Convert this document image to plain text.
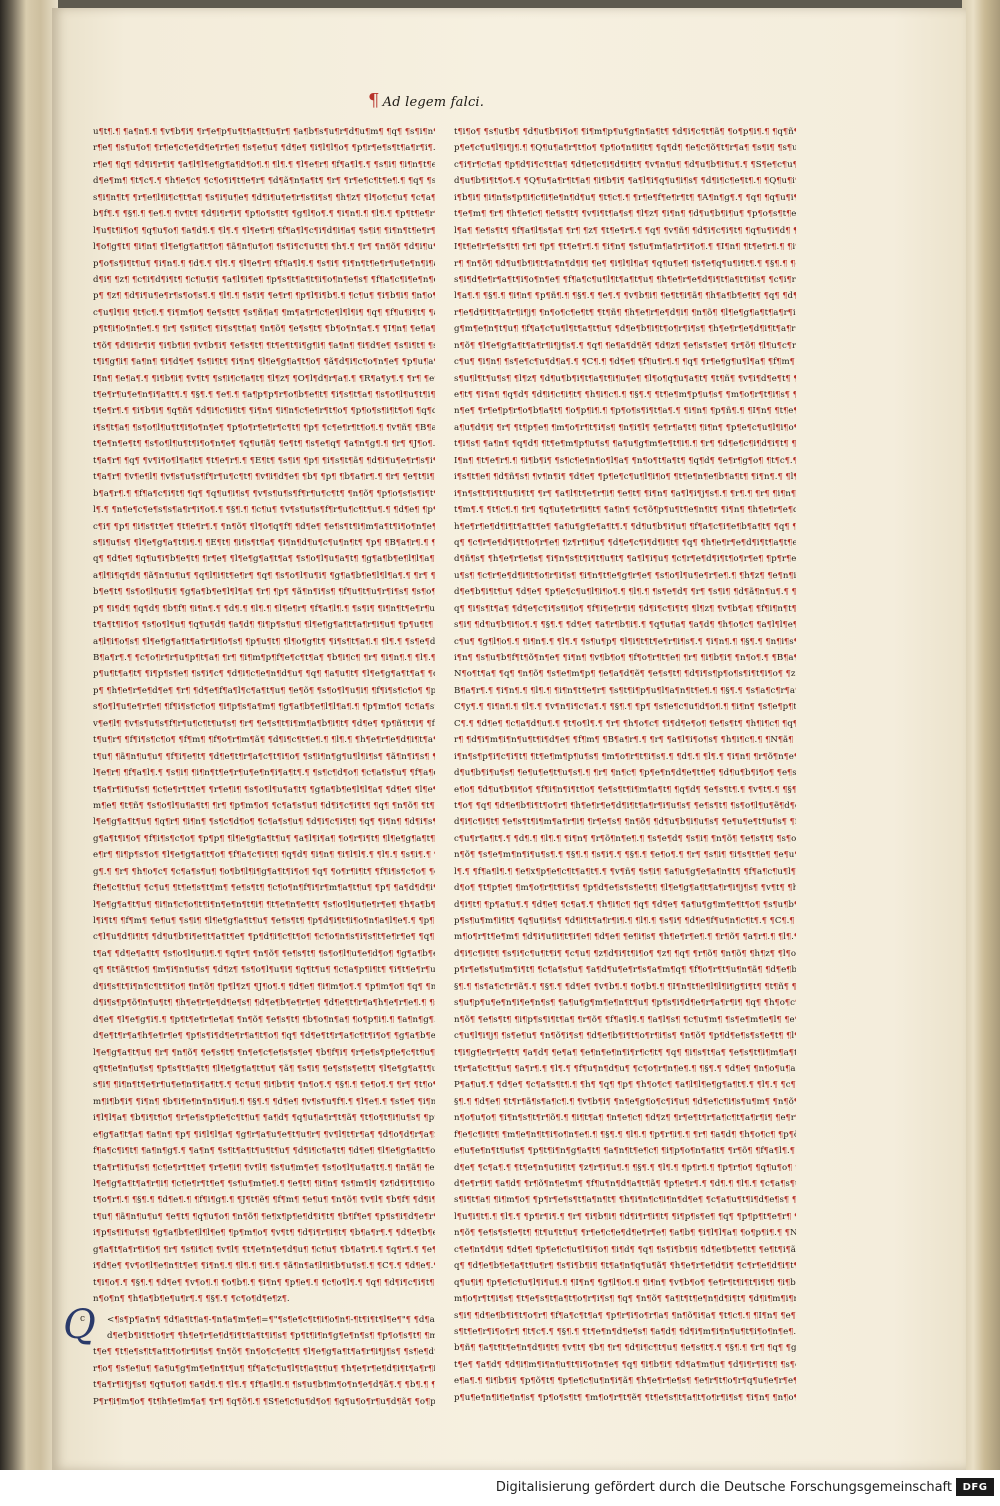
¶ Ad legem falci.
u¶t¶.¶ ¶a¶n¶.¶ ¶v¶b¶i¶ ¶r¶e¶p¶u¶t¶a¶t¶u¶r¶ ¶a¶b¶s¶u¶r¶d¶u¶m¶ ¶q¶ ¶s¶i¶n
r¶e¶ ¶s¶u¶o¶ ¶r¶e¶c¶e¶d¶e¶r¶e¶ ¶s¶e¶u¶ ¶d¶e¶ ¶i¶l¶l¶o¶ ¶p¶r¶e¶s¶t¶a¶r¶i¶
r¶e¶ ¶q¶ ¶d¶i¶r¶i¶ ¶a¶l¶l¶e¶g¶a¶d¶o¶.¶ ¶l¶.¶ ¶l¶e¶r¶ ¶f¶a¶l¶.¶ ¶s¶i¶ ¶i¶n¶t¶e
d¶e¶m¶ ¶t¶c¶.¶ ¶h¶e¶c¶ ¶c¶o¶i¶t¶e¶r¶ ¶d¶ã¶n¶a¶t¶ ¶r¶ ¶r¶e¶c¶t¶e¶.¶ ¶q¶ ¶s
s¶i¶n¶t¶ ¶r¶e¶l¶i¶c¶t¶a¶ ¶s¶i¶u¶e¶ ¶d¶i¶u¶e¶r¶s¶i¶s¶ ¶h¶z¶ ¶l¶o¶c¶u¶ ¶c¶a
b¶f¶.¶ ¶§¶.¶ ¶e¶.¶ ¶v¶t¶ ¶d¶i¶r¶i¶ ¶p¶o¶s¶t¶ ¶g¶l¶o¶.¶ ¶i¶n¶.¶ ¶l¶.¶ ¶p¶t¶e¶r
l¶u¶t¶i¶o¶ ¶q¶u¶o¶ ¶a¶d¶.¶ ¶l¶.¶ ¶l¶e¶r¶ ¶f¶a¶l¶c¶i¶d¶i¶a¶ ¶s¶i¶ ¶i¶n¶t¶e¶r
l¶o¶g¶t¶ ¶i¶n¶ ¶l¶e¶g¶a¶t¶o¶ ¶ã¶n¶u¶o¶ ¶s¶i¶c¶u¶t¶ ¶h¶.¶ ¶r¶ ¶n¶õ¶ ¶d¶i¶u
p¶o¶s¶i¶t¶u¶ ¶i¶n¶.¶ ¶d¶.¶ ¶l¶.¶ ¶l¶e¶r¶ ¶f¶a¶l¶.¶ ¶s¶i¶ ¶i¶n¶t¶e¶r¶u¶e¶n¶i¶
d¶i¶ ¶z¶ ¶c¶i¶d¶i¶t¶ ¶c¶u¶i¶ ¶a¶l¶i¶e¶ ¶p¶s¶t¶a¶t¶i¶o¶n¶e¶s¶ ¶f¶a¶c¶i¶e¶n¶
p¶ ¶z¶ ¶d¶i¶u¶e¶r¶s¶o¶s¶.¶ ¶l¶.¶ ¶s¶i¶ ¶e¶r¶ ¶p¶l¶i¶b¶.¶ ¶c¶u¶ ¶i¶b¶i¶ ¶n¶o
c¶u¶l¶i¶ ¶t¶c¶.¶ ¶i¶m¶o¶ ¶e¶s¶t¶ ¶s¶ñ¶a¶ ¶m¶a¶r¶c¶e¶l¶l¶i¶ ¶q¶ ¶f¶u¶i¶t¶ ¶
p¶t¶i¶o¶n¶e¶.¶ ¶r¶ ¶s¶i¶c¶ ¶i¶s¶t¶a¶ ¶n¶õ¶ ¶e¶s¶t¶ ¶b¶o¶n¶a¶.¶ ¶I¶n¶ ¶e¶a
t¶õ¶ ¶d¶i¶r¶i¶ ¶i¶b¶i¶ ¶v¶b¶i¶ ¶e¶s¶t¶ ¶t¶e¶t¶i¶g¶i¶ ¶a¶n¶ ¶i¶d¶e¶ ¶s¶i¶t¶ ¶
t¶i¶g¶i¶ ¶a¶n¶ ¶i¶d¶e¶ ¶s¶i¶t¶ ¶i¶n¶ ¶l¶e¶g¶a¶t¶o¶ ¶ã¶d¶i¶c¶o¶n¶e¶ ¶p¶u¶a
I¶n¶ ¶e¶a¶.¶ ¶i¶b¶i¶ ¶v¶t¶ ¶s¶i¶c¶a¶t¶ ¶l¶z¶ ¶O¶l¶d¶r¶a¶.¶ ¶R¶a¶y¶.¶ ¶r¶ ¶e
t¶e¶r¶u¶e¶n¶i¶a¶t¶.¶ ¶§¶.¶ ¶e¶.¶ ¶a¶p¶p¶r¶o¶b¶e¶t¶ ¶i¶s¶t¶a¶ ¶s¶o¶l¶u¶t¶i¶
t¶e¶r¶.¶ ¶i¶b¶i¶ ¶q¶ñ¶ ¶d¶i¶c¶i¶t¶ ¶i¶n¶ ¶i¶n¶c¶e¶r¶t¶o¶ ¶p¶o¶s¶i¶t¶o¶ ¶q¶d
i¶s¶t¶a¶ ¶s¶o¶l¶u¶t¶i¶o¶n¶e¶ ¶p¶o¶r¶e¶r¶c¶t¶ ¶p¶ ¶c¶e¶r¶t¶o¶.¶ ¶v¶ñ¶ ¶B¶a
t¶e¶n¶e¶t¶ ¶s¶o¶l¶u¶t¶i¶o¶n¶e¶ ¶q¶u¶ã¶ ¶e¶t¶ ¶s¶e¶q¶ ¶a¶n¶g¶.¶ ¶r¶ ¶J¶o¶.
t¶a¶r¶ ¶q¶ ¶v¶i¶o¶l¶a¶t¶ ¶t¶e¶r¶.¶ ¶E¶t¶ ¶s¶i¶ ¶p¶ ¶i¶s¶t¶ã¶ ¶d¶i¶u¶e¶r¶s¶i
t¶a¶r¶ ¶v¶e¶l¶ ¶v¶s¶u¶s¶f¶r¶u¶c¶t¶ ¶v¶i¶d¶e¶ ¶b¶ ¶p¶ ¶b¶a¶r¶.¶ ¶r¶ ¶e¶t¶i¶
b¶a¶r¶.¶ ¶f¶a¶c¶i¶t¶ ¶q¶ ¶q¶u¶i¶s¶ ¶v¶s¶u¶s¶f¶r¶u¶c¶t¶ ¶n¶õ¶ ¶p¶o¶s¶s¶i¶t
l¶.¶ ¶n¶e¶c¶e¶s¶s¶a¶r¶i¶o¶.¶ ¶§¶.¶ ¶c¶u¶ ¶v¶s¶u¶s¶f¶r¶u¶c¶t¶u¶.¶ ¶d¶e¶ ¶p
c¶i¶ ¶p¶ ¶i¶s¶t¶e¶ ¶t¶e¶r¶.¶ ¶n¶õ¶ ¶l¶o¶q¶f¶ ¶d¶e¶ ¶e¶s¶t¶i¶m¶a¶t¶i¶o¶n¶e
s¶i¶u¶s¶ ¶l¶e¶g¶a¶t¶i¶.¶ ¶E¶t¶ ¶i¶s¶t¶a¶ ¶i¶n¶d¶u¶c¶u¶n¶t¶ ¶p¶ ¶B¶a¶r¶.¶
q¶ ¶d¶e¶ ¶q¶u¶i¶b¶e¶t¶ ¶r¶e¶ ¶l¶e¶g¶a¶t¶a¶ ¶s¶o¶l¶u¶a¶t¶ ¶g¶a¶b¶e¶l¶l¶a¶
a¶l¶i¶q¶d¶ ¶ã¶n¶u¶u¶ ¶q¶l¶i¶t¶e¶r¶ ¶q¶ ¶s¶o¶l¶u¶i¶ ¶g¶a¶b¶e¶l¶l¶a¶.¶ ¶r¶
b¶e¶t¶ ¶s¶o¶l¶u¶i¶ ¶g¶a¶b¶e¶l¶l¶a¶ ¶r¶ ¶p¶ ¶ã¶n¶i¶s¶ ¶f¶u¶t¶u¶r¶i¶s¶ ¶s¶o
p¶ ¶i¶d¶ ¶q¶d¶ ¶b¶f¶ ¶i¶n¶.¶ ¶d¶.¶ ¶l¶.¶ ¶l¶e¶r¶ ¶f¶a¶l¶.¶ ¶s¶i¶ ¶i¶n¶t¶e¶r¶u
t¶a¶t¶i¶o¶ ¶s¶o¶l¶u¶ ¶q¶u¶d¶ ¶a¶d¶ ¶i¶p¶s¶u¶ ¶l¶e¶g¶a¶t¶a¶r¶i¶u¶ ¶p¶u¶t¶
a¶l¶i¶o¶s¶ ¶l¶e¶g¶a¶t¶a¶r¶i¶o¶s¶ ¶p¶u¶t¶ ¶l¶o¶g¶t¶ ¶i¶s¶t¶a¶.¶ ¶l¶.¶ ¶s¶e¶d
B¶a¶r¶.¶ ¶c¶o¶r¶r¶u¶p¶t¶a¶ ¶r¶ ¶i¶m¶p¶f¶e¶c¶t¶a¶ ¶b¶i¶c¶ ¶r¶ ¶i¶n¶.¶ ¶l¶.
p¶u¶t¶a¶t¶ ¶i¶p¶s¶e¶ ¶s¶i¶c¶ ¶d¶i¶c¶e¶n¶d¶u¶ ¶q¶ ¶a¶u¶t¶ ¶l¶e¶g¶a¶t¶a¶ ¶
p¶ ¶h¶e¶r¶e¶d¶e¶ ¶r¶ ¶d¶e¶f¶a¶l¶c¶a¶t¶u¶ ¶e¶õ¶ ¶s¶o¶l¶u¶i¶ ¶f¶i¶s¶c¶o¶ ¶p
s¶o¶l¶u¶e¶r¶e¶ ¶f¶i¶s¶c¶o¶ ¶i¶p¶s¶a¶m¶ ¶g¶a¶b¶e¶l¶l¶a¶.¶ ¶p¶m¶o¶ ¶c¶a¶s
v¶e¶l¶ ¶v¶s¶u¶s¶f¶r¶u¶c¶t¶u¶s¶ ¶r¶ ¶e¶s¶t¶i¶m¶a¶b¶i¶t¶ ¶d¶e¶ ¶p¶ñ¶t¶i¶ ¶f
t¶u¶r¶ ¶f¶i¶s¶c¶o¶ ¶f¶m¶ ¶f¶o¶r¶m¶ã¶ ¶d¶i¶c¶t¶e¶.¶ ¶l¶.¶ ¶h¶e¶r¶e¶d¶i¶t¶a
t¶u¶ ¶ã¶n¶u¶u¶ ¶f¶i¶e¶t¶ ¶d¶e¶t¶r¶a¶c¶t¶i¶o¶ ¶s¶i¶n¶g¶u¶l¶i¶s¶ ¶ã¶n¶i¶s¶
l¶e¶r¶ ¶f¶a¶l¶.¶ ¶s¶i¶ ¶i¶n¶t¶e¶r¶u¶e¶n¶i¶a¶t¶.¶ ¶s¶c¶d¶o¶ ¶c¶a¶s¶u¶ ¶f¶a¶
t¶a¶r¶i¶u¶s¶ ¶c¶e¶r¶t¶e¶ ¶r¶e¶i¶ ¶s¶o¶l¶u¶a¶t¶ ¶g¶a¶b¶e¶l¶l¶a¶ ¶d¶e¶ ¶l¶e
m¶e¶ ¶t¶ñ¶ ¶s¶o¶l¶u¶a¶t¶ ¶r¶ ¶p¶m¶o¶ ¶c¶a¶s¶u¶ ¶d¶i¶c¶i¶t¶ ¶q¶ ¶n¶õ¶ ¶t¶
l¶e¶g¶a¶t¶u¶ ¶q¶r¶ ¶i¶n¶ ¶s¶c¶d¶o¶ ¶c¶a¶s¶u¶ ¶d¶i¶c¶i¶t¶ ¶q¶ ¶i¶n¶ ¶d¶i¶s
g¶a¶t¶i¶o¶ ¶f¶i¶s¶c¶o¶ ¶p¶p¶ ¶l¶e¶g¶a¶t¶u¶ ¶a¶l¶i¶a¶ ¶o¶r¶i¶t¶ ¶l¶e¶g¶a¶t¶
e¶r¶ ¶i¶p¶s¶o¶ ¶l¶e¶g¶a¶t¶o¶ ¶f¶a¶c¶i¶t¶ ¶q¶d¶ ¶i¶n¶ ¶i¶l¶l¶.¶ ¶l¶.¶ ¶s¶i¶.¶
g¶.¶ ¶r¶ ¶h¶o¶c¶ ¶c¶a¶s¶u¶ ¶o¶b¶l¶i¶g¶a¶t¶i¶o¶ ¶q¶ ¶o¶r¶i¶t¶ ¶f¶i¶s¶c¶o¶ ¶
f¶e¶c¶t¶u¶ ¶c¶u¶ ¶t¶e¶s¶t¶m¶ ¶e¶s¶t¶ ¶c¶o¶n¶f¶i¶r¶m¶a¶t¶u¶ ¶p¶ ¶a¶d¶d¶i
l¶e¶g¶a¶t¶u¶ ¶i¶n¶c¶o¶t¶i¶n¶e¶n¶t¶i¶ ¶t¶e¶n¶e¶t¶ ¶s¶o¶l¶u¶e¶r¶e¶ ¶h¶a¶b
l¶i¶t¶ ¶f¶m¶ ¶e¶u¶ ¶s¶i¶ ¶l¶e¶g¶a¶t¶u¶ ¶e¶s¶t¶ ¶p¶d¶i¶t¶i¶o¶n¶a¶l¶e¶.¶ ¶p¶
c¶l¶u¶d¶i¶t¶ ¶d¶u¶b¶i¶e¶t¶a¶t¶e¶ ¶p¶d¶i¶c¶t¶o¶ ¶c¶o¶n¶s¶i¶s¶t¶e¶r¶e¶ ¶q¶
t¶a¶ ¶d¶e¶a¶t¶ ¶s¶o¶l¶u¶i¶.¶ ¶q¶r¶ ¶n¶õ¶ ¶e¶s¶t¶ ¶s¶o¶l¶u¶e¶d¶o¶ ¶g¶a¶b¶
q¶ ¶t¶ã¶t¶o¶ ¶m¶i¶n¶u¶s¶ ¶d¶z¶ ¶s¶o¶l¶u¶i¶ ¶q¶t¶u¶ ¶c¶a¶p¶i¶t¶ ¶i¶t¶e¶r¶u
d¶i¶s¶t¶i¶n¶c¶t¶i¶o¶ ¶n¶õ¶ ¶p¶l¶z¶ ¶J¶o¶.¶ ¶d¶e¶ ¶i¶m¶o¶.¶ ¶p¶m¶o¶ ¶q¶ ¶n
d¶i¶s¶p¶õ¶n¶u¶t¶ ¶h¶e¶r¶e¶d¶e¶s¶ ¶d¶e¶b¶e¶r¶e¶ ¶d¶e¶t¶r¶a¶h¶e¶r¶e¶.¶ ¶
d¶e¶ ¶l¶e¶g¶i¶.¶ ¶p¶t¶e¶r¶e¶a¶ ¶n¶õ¶ ¶e¶s¶t¶ ¶b¶o¶n¶a¶ ¶o¶p¶i¶.¶ ¶a¶n¶g¶
d¶e¶t¶r¶a¶h¶e¶r¶e¶ ¶p¶s¶i¶d¶e¶r¶a¶t¶o¶ ¶q¶ ¶d¶e¶t¶r¶a¶c¶t¶i¶o¶ ¶g¶a¶b¶e
l¶e¶g¶a¶t¶u¶ ¶r¶ ¶n¶õ¶ ¶e¶s¶t¶ ¶n¶e¶c¶e¶s¶s¶e¶ ¶b¶f¶i¶ ¶r¶e¶s¶p¶e¶c¶t¶u¶
q¶t¶e¶n¶u¶s¶ ¶p¶s¶t¶a¶t¶ ¶l¶e¶g¶a¶t¶u¶ ¶ã¶ ¶s¶i¶ ¶e¶s¶s¶e¶t¶ ¶l¶e¶g¶a¶t¶u
s¶i¶ ¶i¶n¶t¶e¶r¶u¶e¶n¶i¶a¶t¶.¶ ¶c¶u¶ ¶i¶b¶i¶ ¶n¶o¶.¶ ¶§¶.¶ ¶e¶o¶.¶ ¶r¶ ¶t¶o
m¶i¶b¶i¶ ¶i¶n¶ ¶b¶i¶e¶n¶n¶i¶u¶.¶ ¶§¶.¶ ¶d¶e¶ ¶v¶s¶u¶f¶.¶ ¶l¶e¶.¶ ¶s¶e¶ ¶i¶n
i¶l¶l¶a¶ ¶b¶i¶t¶o¶ ¶r¶e¶s¶p¶e¶c¶t¶u¶ ¶a¶d¶ ¶q¶u¶a¶r¶t¶ã¶ ¶t¶o¶t¶i¶u¶s¶ ¶p
e¶g¶a¶t¶a¶ ¶a¶n¶ ¶p¶ ¶i¶l¶l¶a¶ ¶g¶r¶a¶u¶e¶t¶u¶r¶ ¶v¶l¶t¶r¶a¶ ¶d¶o¶d¶r¶a¶
f¶a¶c¶i¶t¶ ¶a¶n¶g¶.¶ ¶a¶n¶ ¶s¶t¶a¶t¶u¶t¶u¶ ¶d¶i¶c¶a¶t¶ ¶d¶e¶ ¶l¶e¶g¶a¶t¶o
t¶a¶r¶i¶u¶s¶ ¶c¶e¶r¶t¶e¶ ¶r¶e¶i¶ ¶v¶l¶ ¶s¶u¶m¶e¶ ¶s¶o¶l¶u¶a¶t¶.¶ ¶n¶ã¶ ¶e
l¶e¶g¶a¶t¶a¶r¶i¶ ¶c¶e¶r¶t¶e¶ ¶s¶u¶m¶e¶.¶ ¶e¶t¶ ¶i¶n¶ ¶s¶m¶l¶ ¶z¶d¶i¶t¶i¶o
t¶o¶r¶.¶ ¶§¶.¶ ¶d¶e¶.¶ ¶f¶i¶g¶.¶ ¶J¶t¶ẽ¶ ¶f¶m¶ ¶e¶u¶ ¶n¶õ¶ ¶v¶l¶ ¶b¶f¶ ¶d¶i
t¶u¶ ¶ã¶n¶u¶u¶ ¶e¶t¶ ¶q¶u¶o¶ ¶n¶õ¶ ¶e¶x¶p¶e¶d¶i¶t¶ ¶b¶f¶e¶ ¶p¶s¶i¶d¶e¶r
i¶p¶s¶i¶u¶s¶ ¶g¶a¶b¶e¶l¶l¶e¶ ¶p¶m¶o¶ ¶v¶t¶ ¶d¶i¶r¶i¶t¶ ¶b¶a¶r¶.¶ ¶d¶e¶b¶
g¶a¶t¶a¶r¶i¶o¶ ¶r¶ ¶s¶i¶c¶ ¶v¶l¶ ¶t¶e¶n¶e¶d¶u¶ ¶c¶u¶ ¶b¶a¶r¶.¶ ¶q¶r¶.¶ ¶e
i¶d¶e¶ ¶v¶o¶l¶e¶n¶t¶e¶ ¶i¶n¶.¶ ¶l¶.¶ ¶i¶.¶ ¶ã¶n¶a¶l¶i¶b¶u¶s¶.¶ ¶C¶.¶ ¶d¶e¶.
t¶i¶o¶.¶ ¶§¶.¶ ¶d¶e¶ ¶v¶o¶.¶ ¶o¶b¶.¶ ¶i¶n¶ ¶p¶e¶.¶ ¶c¶o¶l¶.¶ ¶q¶ ¶d¶i¶c¶i¶t¶
n¶o¶n¶ ¶h¶a¶b¶e¶u¶r¶.¶ ¶§¶.¶ ¶c¶o¶d¶e¶z¶.
<¶s¶p¶a¶n¶ ¶d¶a¶t¶a¶-¶n¶a¶m¶e¶=¶"¶s¶e¶c¶t¶i¶o¶n¶-¶t¶i¶t¶l¶e¶"¶ ¶d¶a
d¶e¶b¶i¶t¶o¶r¶ ¶h¶e¶r¶e¶d¶i¶t¶a¶t¶i¶s¶ ¶p¶t¶i¶n¶g¶e¶n¶s¶ ¶p¶o¶s¶t¶ ¶m
t¶e¶ ¶t¶e¶s¶t¶a¶t¶o¶r¶i¶s¶ ¶n¶õ¶ ¶n¶o¶c¶e¶t¶ ¶l¶e¶g¶a¶t¶a¶r¶i¶j¶s¶ ¶s¶e¶d
r¶o¶ ¶s¶e¶u¶ ¶a¶u¶g¶m¶e¶n¶t¶u¶ ¶f¶a¶c¶u¶l¶t¶a¶t¶u¶ ¶h¶e¶r¶e¶d¶i¶t¶a¶r¶i
t¶a¶r¶i¶j¶s¶ ¶q¶u¶o¶ ¶a¶d¶.¶ ¶l¶.¶ ¶f¶a¶l¶.¶ ¶s¶u¶b¶m¶o¶n¶e¶d¶ã¶.¶ ¶b¶.¶
P¶r¶i¶m¶o¶ ¶t¶h¶e¶m¶a¶ ¶r¶ ¶q¶õ¶.¶ ¶S¶e¶c¶u¶d¶o¶ ¶q¶u¶o¶r¶u¶d¶ã¶ ¶o¶p
Q
c
t¶i¶o¶ ¶s¶u¶b¶ ¶d¶u¶b¶i¶o¶ ¶i¶m¶p¶u¶g¶n¶a¶t¶ ¶d¶i¶c¶t¶ã¶ ¶o¶p¶i¶.¶ ¶q¶ñ
p¶e¶c¶u¶l¶i¶j¶.¶ ¶Q¶u¶a¶r¶t¶o¶ ¶p¶o¶n¶i¶t¶ ¶q¶d¶ ¶e¶c¶õ¶t¶r¶a¶ ¶s¶i¶ ¶s¶u
c¶i¶r¶c¶a¶ ¶p¶d¶i¶c¶t¶a¶ ¶d¶e¶c¶i¶d¶i¶t¶ ¶v¶n¶u¶ ¶d¶u¶b¶i¶u¶.¶ ¶S¶e¶c¶u
d¶u¶b¶i¶t¶o¶.¶ ¶Q¶u¶a¶r¶t¶a¶ ¶i¶b¶i¶ ¶a¶l¶i¶q¶u¶i¶s¶ ¶d¶i¶c¶e¶t¶.¶ ¶Q¶u¶i
i¶b¶i¶ ¶i¶n¶s¶p¶i¶c¶i¶e¶n¶d¶u¶ ¶t¶c¶.¶ ¶r¶e¶f¶e¶r¶t¶ ¶A¶n¶g¶.¶ ¶q¶ ¶q¶u¶i
t¶e¶m¶ ¶r¶ ¶h¶e¶c¶ ¶e¶s¶t¶ ¶v¶i¶t¶a¶s¶ ¶l¶z¶ ¶i¶n¶ ¶d¶u¶b¶i¶u¶ ¶p¶o¶s¶t¶e
l¶a¶ ¶e¶s¶t¶ ¶f¶a¶l¶s¶a¶ ¶r¶ ¶z¶ ¶t¶e¶r¶.¶ ¶q¶ ¶v¶ñ¶ ¶d¶i¶c¶i¶t¶ ¶q¶u¶i¶d¶
I¶t¶e¶r¶e¶s¶t¶ ¶r¶ ¶p¶ ¶t¶e¶r¶.¶ ¶i¶n¶ ¶s¶u¶m¶a¶r¶i¶o¶.¶ ¶I¶n¶ ¶t¶e¶r¶.¶ ¶i
r¶ ¶n¶õ¶ ¶d¶u¶b¶i¶t¶a¶n¶d¶i¶ ¶e¶ ¶i¶l¶l¶a¶ ¶q¶u¶e¶ ¶s¶e¶q¶u¶i¶t¶.¶ ¶§¶.¶ ¶
s¶i¶d¶e¶r¶a¶t¶i¶o¶n¶e¶ ¶f¶a¶c¶u¶l¶t¶a¶t¶u¶ ¶h¶e¶r¶e¶d¶i¶t¶a¶t¶i¶s¶ ¶c¶i¶r
l¶a¶.¶ ¶§¶.¶ ¶i¶n¶ ¶p¶ñ¶.¶ ¶§¶.¶ ¶e¶.¶ ¶v¶b¶i¶ ¶e¶t¶i¶ã¶ ¶h¶a¶b¶e¶t¶ ¶q¶ ¶d
r¶e¶d¶i¶t¶a¶r¶i¶j¶ ¶n¶o¶c¶e¶t¶ ¶t¶ñ¶ ¶h¶e¶r¶e¶d¶i¶ ¶n¶õ¶ ¶l¶e¶g¶a¶t¶a¶r¶i
g¶m¶e¶n¶t¶u¶ ¶f¶a¶c¶u¶l¶t¶a¶t¶u¶ ¶d¶e¶b¶i¶t¶o¶r¶i¶s¶ ¶h¶e¶r¶e¶d¶i¶t¶a¶r
n¶õ¶ ¶l¶e¶g¶a¶t¶a¶r¶i¶j¶s¶.¶ ¶q¶ ¶e¶a¶d¶ẽ¶ ¶d¶z¶ ¶e¶s¶s¶e¶ ¶r¶õ¶ ¶l¶u¶c¶r
c¶u¶ ¶i¶n¶ ¶s¶e¶c¶u¶d¶a¶.¶ ¶C¶.¶ ¶d¶e¶ ¶f¶u¶r¶.¶ ¶q¶ ¶r¶e¶g¶u¶l¶a¶ ¶f¶m¶
s¶u¶l¶t¶u¶s¶ ¶l¶z¶ ¶d¶u¶b¶i¶t¶a¶t¶i¶u¶e¶ ¶l¶o¶q¶u¶a¶t¶ ¶t¶ñ¶ ¶v¶i¶d¶e¶t¶
e¶t¶ ¶i¶n¶ ¶q¶d¶ ¶d¶i¶c¶i¶t¶ ¶h¶i¶c¶.¶ ¶§¶.¶ ¶t¶e¶m¶p¶u¶s¶ ¶m¶o¶r¶t¶i¶s¶
n¶e¶ ¶r¶e¶p¶r¶o¶b¶a¶t¶ ¶o¶p¶i¶.¶ ¶p¶o¶s¶i¶t¶a¶.¶ ¶i¶n¶ ¶p¶ñ¶.¶ ¶I¶n¶ ¶t¶e
a¶u¶d¶i¶ ¶r¶ ¶t¶p¶e¶ ¶m¶o¶r¶t¶i¶s¶ ¶n¶i¶l¶ ¶e¶r¶a¶t¶ ¶i¶n¶ ¶p¶e¶c¶u¶l¶i¶o
t¶i¶s¶ ¶a¶n¶ ¶q¶d¶ ¶t¶e¶m¶p¶u¶s¶ ¶a¶u¶g¶m¶e¶t¶i¶.¶ ¶r¶ ¶d¶e¶c¶i¶d¶i¶t¶ ¶
I¶n¶ ¶t¶e¶r¶.¶ ¶i¶b¶i¶ ¶s¶c¶e¶n¶o¶l¶a¶ ¶n¶o¶t¶a¶t¶ ¶q¶d¶ ¶e¶r¶g¶o¶ ¶t¶c¶.
i¶s¶t¶e¶ ¶d¶ñ¶s¶ ¶v¶n¶i¶ ¶d¶e¶ ¶p¶e¶c¶u¶l¶i¶o¶ ¶t¶e¶n¶e¶b¶a¶t¶ ¶i¶n¶.¶ ¶l
i¶n¶s¶t¶i¶t¶u¶i¶t¶ ¶r¶ ¶a¶l¶t¶e¶r¶i¶ ¶e¶t¶ ¶i¶n¶ ¶a¶l¶i¶j¶s¶.¶ ¶r¶.¶ ¶r¶ ¶i¶n¶
t¶m¶.¶ ¶t¶c¶.¶ ¶r¶ ¶q¶u¶e¶r¶i¶t¶ ¶a¶n¶ ¶c¶õ¶p¶u¶t¶e¶n¶t¶ ¶i¶n¶ ¶h¶e¶r¶e¶d
h¶e¶r¶e¶d¶i¶t¶a¶t¶e¶ ¶a¶u¶g¶e¶a¶t¶.¶ ¶d¶u¶b¶i¶u¶ ¶f¶a¶c¶i¶e¶b¶a¶t¶ ¶q¶
q¶ ¶c¶r¶e¶d¶i¶t¶o¶r¶e¶ ¶z¶r¶i¶u¶ ¶d¶e¶c¶i¶d¶i¶t¶ ¶q¶ ¶h¶e¶r¶e¶d¶i¶t¶a¶t¶e
d¶ñ¶s¶ ¶h¶e¶r¶e¶s¶ ¶i¶n¶s¶t¶i¶t¶u¶t¶ ¶a¶l¶i¶u¶ ¶c¶r¶e¶d¶i¶t¶o¶r¶e¶ ¶p¶r¶e
u¶s¶ ¶c¶r¶e¶d¶i¶t¶o¶r¶i¶s¶ ¶i¶n¶t¶e¶g¶r¶e¶ ¶s¶o¶l¶u¶e¶r¶e¶.¶ ¶h¶z¶ ¶e¶n¶i
d¶e¶b¶i¶t¶u¶ ¶d¶e¶ ¶p¶e¶c¶u¶l¶i¶o¶.¶ ¶l¶.¶ ¶s¶e¶d¶ ¶r¶ ¶s¶i¶ ¶d¶ã¶n¶u¶.¶
q¶ ¶i¶s¶t¶a¶ ¶d¶e¶c¶i¶s¶i¶o¶ ¶f¶i¶e¶r¶i¶ ¶d¶i¶c¶i¶t¶ ¶l¶z¶ ¶v¶b¶a¶ ¶f¶i¶n¶t
s¶i¶ ¶d¶u¶b¶i¶o¶.¶ ¶§¶.¶ ¶d¶e¶ ¶a¶r¶b¶i¶.¶ ¶q¶u¶a¶ ¶a¶d¶ ¶h¶o¶c¶ ¶a¶l¶l¶e
c¶u¶ ¶g¶l¶o¶.¶ ¶i¶n¶.¶ ¶l¶.¶ ¶s¶u¶p¶ ¶l¶i¶t¶t¶e¶r¶i¶s¶.¶ ¶i¶n¶.¶ ¶§¶.¶ ¶n¶i¶s
i¶n¶ ¶s¶u¶b¶f¶t¶õ¶n¶e¶ ¶i¶n¶ ¶v¶b¶o¶ ¶f¶o¶r¶t¶e¶ ¶r¶ ¶i¶b¶i¶ ¶n¶o¶.¶ ¶B¶a
N¶o¶t¶a¶ ¶q¶ ¶n¶õ¶ ¶s¶e¶m¶p¶ ¶e¶a¶d¶ẽ¶ ¶e¶s¶t¶ ¶d¶i¶s¶p¶o¶s¶i¶t¶i¶o¶ ¶z
B¶a¶r¶.¶ ¶i¶n¶.¶ ¶l¶.¶ ¶i¶n¶t¶e¶r¶ ¶s¶t¶i¶p¶u¶l¶a¶n¶t¶e¶.¶ ¶§¶.¶ ¶s¶a¶c¶r¶a
C¶y¶.¶ ¶i¶n¶.¶ ¶l¶.¶ ¶v¶n¶i¶c¶a¶.¶ ¶§¶.¶ ¶p¶ ¶s¶e¶c¶u¶d¶o¶.¶ ¶i¶n¶ ¶s¶e¶p¶t
C¶.¶ ¶d¶e¶ ¶c¶a¶d¶u¶.¶ ¶t¶o¶l¶.¶ ¶r¶ ¶h¶o¶c¶ ¶i¶d¶e¶o¶ ¶e¶s¶t¶ ¶h¶i¶c¶ ¶q
r¶ ¶d¶i¶m¶i¶n¶u¶t¶i¶d¶e¶ ¶f¶m¶ ¶B¶a¶r¶.¶ ¶r¶ ¶a¶l¶i¶o¶s¶ ¶h¶i¶c¶.¶ ¶N¶ã¶
i¶n¶s¶p¶i¶c¶i¶t¶ ¶t¶e¶m¶p¶u¶s¶ ¶m¶o¶r¶t¶i¶s¶.¶ ¶d¶.¶ ¶l¶.¶ ¶i¶n¶ ¶r¶õ¶n¶e
d¶u¶b¶i¶u¶s¶ ¶e¶u¶e¶t¶u¶s¶.¶ ¶r¶ ¶n¶c¶ ¶p¶e¶n¶d¶e¶t¶e¶ ¶d¶u¶b¶i¶o¶ ¶e¶s
e¶o¶ ¶d¶u¶b¶i¶o¶ ¶f¶i¶n¶i¶t¶o¶ ¶e¶s¶t¶i¶m¶a¶t¶ ¶q¶d¶ ¶e¶s¶t¶.¶ ¶v¶t¶.¶ ¶§
t¶o¶ ¶q¶ ¶d¶e¶b¶i¶t¶o¶r¶ ¶h¶e¶r¶e¶d¶i¶t¶a¶r¶i¶u¶s¶ ¶e¶s¶t¶ ¶s¶o¶l¶u¶ẽ¶d¶
d¶i¶c¶i¶t¶ ¶e¶s¶t¶i¶m¶a¶r¶i¶ ¶r¶e¶s¶ ¶n¶õ¶ ¶d¶u¶b¶i¶u¶s¶ ¶e¶u¶e¶t¶u¶s¶ ¶
c¶u¶r¶a¶t¶.¶ ¶d¶.¶ ¶l¶.¶ ¶i¶n¶ ¶r¶õ¶n¶e¶.¶ ¶s¶e¶d¶ ¶s¶i¶ ¶n¶õ¶ ¶e¶s¶t¶ ¶s¶o
n¶õ¶ ¶s¶e¶m¶n¶i¶u¶s¶.¶ ¶§¶.¶ ¶s¶i¶.¶ ¶§¶.¶ ¶e¶o¶.¶ ¶r¶ ¶s¶i¶ ¶i¶s¶t¶e¶ ¶e¶u
l¶.¶ ¶f¶a¶l¶.¶ ¶e¶x¶p¶e¶c¶t¶a¶t¶.¶ ¶v¶ñ¶ ¶s¶i¶ ¶a¶u¶g¶e¶a¶n¶t¶ ¶f¶a¶c¶u¶l¶
d¶o¶ ¶t¶p¶e¶ ¶m¶o¶r¶t¶i¶s¶ ¶p¶d¶e¶s¶s¶e¶t¶ ¶l¶e¶g¶a¶t¶a¶r¶i¶j¶s¶ ¶v¶t¶ ¶h
d¶i¶t¶ ¶p¶a¶u¶.¶ ¶d¶e¶ ¶c¶a¶.¶ ¶h¶i¶c¶ ¶q¶ ¶d¶e¶ ¶a¶u¶g¶m¶e¶t¶o¶ ¶s¶u¶b
p¶s¶u¶m¶i¶t¶ ¶q¶u¶i¶s¶ ¶d¶i¶t¶a¶r¶i¶.¶ ¶l¶.¶ ¶s¶i¶ ¶d¶e¶f¶u¶n¶c¶t¶.¶ ¶C¶.¶
m¶o¶r¶t¶e¶m¶ ¶d¶i¶u¶i¶t¶i¶e¶ ¶d¶e¶ ¶e¶i¶s¶ ¶h¶e¶r¶e¶.¶ ¶r¶õ¶ ¶a¶r¶.¶ ¶l¶.
d¶i¶c¶i¶t¶ ¶s¶i¶c¶u¶t¶i¶ ¶c¶u¶ ¶z¶d¶i¶t¶i¶o¶ ¶z¶ ¶q¶ ¶r¶õ¶ ¶n¶õ¶ ¶h¶z¶ ¶l¶o
p¶r¶e¶s¶u¶m¶i¶t¶ ¶c¶a¶s¶u¶ ¶a¶d¶u¶e¶r¶s¶a¶m¶q¶ ¶f¶o¶r¶t¶u¶n¶ã¶ ¶d¶e¶b
§¶.¶ ¶s¶a¶c¶r¶ã¶.¶ ¶§¶.¶ ¶d¶e¶ ¶v¶b¶.¶ ¶o¶b¶.¶ ¶I¶n¶t¶e¶l¶l¶i¶g¶i¶t¶ ¶t¶ñ¶
s¶u¶p¶u¶e¶n¶i¶e¶n¶s¶ ¶a¶u¶g¶m¶e¶n¶t¶u¶ ¶p¶s¶i¶d¶e¶r¶a¶r¶i¶ ¶q¶ ¶h¶o¶c
n¶õ¶ ¶e¶s¶t¶ ¶i¶p¶s¶i¶t¶a¶ ¶r¶õ¶ ¶f¶a¶l¶.¶ ¶a¶l¶s¶ ¶c¶u¶m¶ ¶s¶e¶m¶e¶l¶ ¶e
c¶u¶l¶i¶j¶ ¶s¶e¶u¶ ¶n¶õ¶i¶s¶ ¶d¶e¶b¶i¶t¶o¶r¶i¶s¶ ¶n¶õ¶ ¶p¶d¶e¶s¶s¶e¶t¶ ¶l
t¶i¶g¶e¶r¶e¶t¶ ¶a¶d¶ ¶e¶a¶ ¶e¶n¶e¶n¶i¶r¶c¶t¶ ¶q¶ ¶i¶s¶t¶a¶ ¶e¶s¶t¶i¶m¶a¶t
t¶r¶a¶c¶t¶u¶ ¶a¶r¶.¶ ¶l¶.¶ ¶f¶u¶n¶d¶u¶ ¶c¶o¶r¶n¶e¶.¶ ¶§¶.¶ ¶d¶e¶ ¶n¶o¶u¶a
P¶a¶u¶.¶ ¶d¶e¶ ¶c¶a¶s¶t¶.¶ ¶h¶ ¶q¶ ¶p¶ ¶h¶o¶c¶ ¶a¶l¶l¶e¶g¶a¶t¶.¶ ¶l¶.¶ ¶c¶
§¶.¶ ¶d¶e¶ ¶t¶r¶ã¶s¶a¶c¶.¶ ¶v¶b¶i¶ ¶n¶e¶g¶o¶c¶i¶u¶ ¶d¶e¶c¶i¶s¶u¶m¶ ¶n¶õ
n¶o¶u¶o¶ ¶i¶n¶s¶t¶r¶õ¶.¶ ¶i¶t¶a¶ ¶n¶e¶c¶ ¶d¶z¶ ¶r¶e¶t¶r¶a¶c¶t¶a¶r¶i¶ ¶e¶r
f¶e¶c¶i¶t¶ ¶m¶e¶n¶t¶i¶o¶n¶e¶.¶ ¶§¶.¶ ¶l¶.¶ ¶p¶r¶i¶.¶ ¶r¶ ¶a¶d¶ ¶h¶o¶c¶ ¶p¶
e¶u¶e¶n¶t¶u¶s¶ ¶p¶t¶i¶n¶g¶a¶t¶ ¶a¶n¶t¶e¶c¶ ¶i¶p¶o¶n¶a¶t¶ ¶r¶õ¶ ¶f¶a¶l¶.¶
d¶e¶ ¶c¶a¶.¶ ¶t¶e¶n¶u¶i¶t¶ ¶z¶r¶i¶u¶.¶ ¶§¶.¶ ¶l¶.¶ ¶p¶r¶.¶ ¶p¶r¶o¶ ¶q¶u¶o¶
d¶e¶r¶i¶ ¶a¶d¶ ¶r¶õ¶n¶e¶m¶ ¶f¶u¶n¶d¶a¶t¶ã¶ ¶p¶e¶r¶.¶ ¶d¶.¶ ¶l¶.¶ ¶c¶a¶s¶
s¶i¶t¶a¶ ¶i¶m¶o¶ ¶p¶r¶e¶s¶t¶a¶n¶t¶ ¶h¶i¶n¶c¶i¶n¶d¶e¶ ¶c¶a¶u¶t¶i¶d¶e¶s¶
l¶u¶i¶t¶.¶ ¶l¶.¶ ¶p¶r¶i¶.¶ ¶r¶ ¶i¶b¶i¶ ¶d¶i¶r¶i¶t¶ ¶i¶p¶s¶e¶ ¶q¶ ¶p¶p¶t¶e¶r¶
n¶õ¶ ¶e¶s¶s¶e¶t¶ ¶t¶u¶t¶u¶ ¶r¶e¶c¶e¶d¶e¶r¶e¶ ¶a¶b¶ ¶i¶l¶l¶a¶ ¶o¶p¶i¶.¶ ¶N
c¶e¶n¶d¶i¶ ¶d¶e¶ ¶p¶e¶c¶u¶l¶i¶o¶ ¶i¶d¶ ¶q¶ ¶s¶i¶b¶i¶ ¶d¶e¶b¶e¶t¶ ¶e¶t¶i¶ã
q¶ ¶d¶e¶b¶e¶a¶t¶u¶r¶ ¶s¶i¶b¶i¶ ¶t¶a¶n¶q¶u¶ã¶ ¶h¶e¶r¶e¶d¶i¶ ¶c¶r¶e¶d¶i¶t
q¶u¶i¶ ¶p¶e¶c¶u¶l¶i¶u¶.¶ ¶I¶n¶ ¶g¶l¶o¶.¶ ¶i¶n¶ ¶v¶b¶o¶ ¶e¶r¶t¶i¶t¶i¶t¶ ¶i¶b
m¶o¶r¶t¶i¶s¶ ¶t¶e¶s¶t¶a¶t¶o¶r¶i¶s¶ ¶q¶ ¶n¶õ¶ ¶a¶t¶t¶e¶n¶d¶i¶t¶ ¶d¶i¶m¶i¶
s¶i¶ ¶d¶e¶b¶i¶t¶o¶r¶ ¶f¶a¶c¶t¶a¶ ¶p¶r¶i¶o¶r¶a¶ ¶n¶õ¶i¶a¶ ¶t¶c¶.¶ ¶I¶n¶ ¶e¶
s¶t¶e¶r¶i¶o¶r¶ ¶t¶c¶.¶ ¶§¶.¶ ¶t¶e¶n¶d¶e¶s¶ ¶a¶d¶ ¶d¶i¶m¶i¶n¶u¶t¶i¶o¶n¶e¶.
b¶ñ¶ ¶a¶t¶t¶e¶n¶d¶i¶t¶ ¶v¶t¶ ¶b¶ ¶r¶ ¶d¶i¶c¶t¶u¶ ¶e¶s¶t¶.¶ ¶§¶.¶ ¶r¶ ¶q¶ ¶g
t¶e¶ ¶a¶d¶ ¶d¶i¶m¶i¶n¶u¶t¶i¶o¶n¶e¶ ¶q¶ ¶i¶b¶i¶ ¶d¶a¶m¶u¶ ¶d¶i¶r¶i¶t¶ ¶s¶
e¶a¶.¶ ¶i¶b¶i¶ ¶p¶õ¶t¶ ¶p¶e¶c¶u¶n¶i¶ã¶ ¶h¶e¶r¶e¶s¶ ¶e¶r¶t¶o¶r¶q¶u¶e¶r¶e
p¶u¶e¶n¶i¶e¶n¶s¶ ¶p¶o¶s¶t¶ ¶m¶o¶r¶t¶ẽ¶ ¶t¶e¶s¶t¶a¶t¶o¶r¶i¶s¶ ¶i¶n¶ ¶n¶o
Digitalisierung gefördert durch die Deutsche Forschungsgemeinschaft	DFG
